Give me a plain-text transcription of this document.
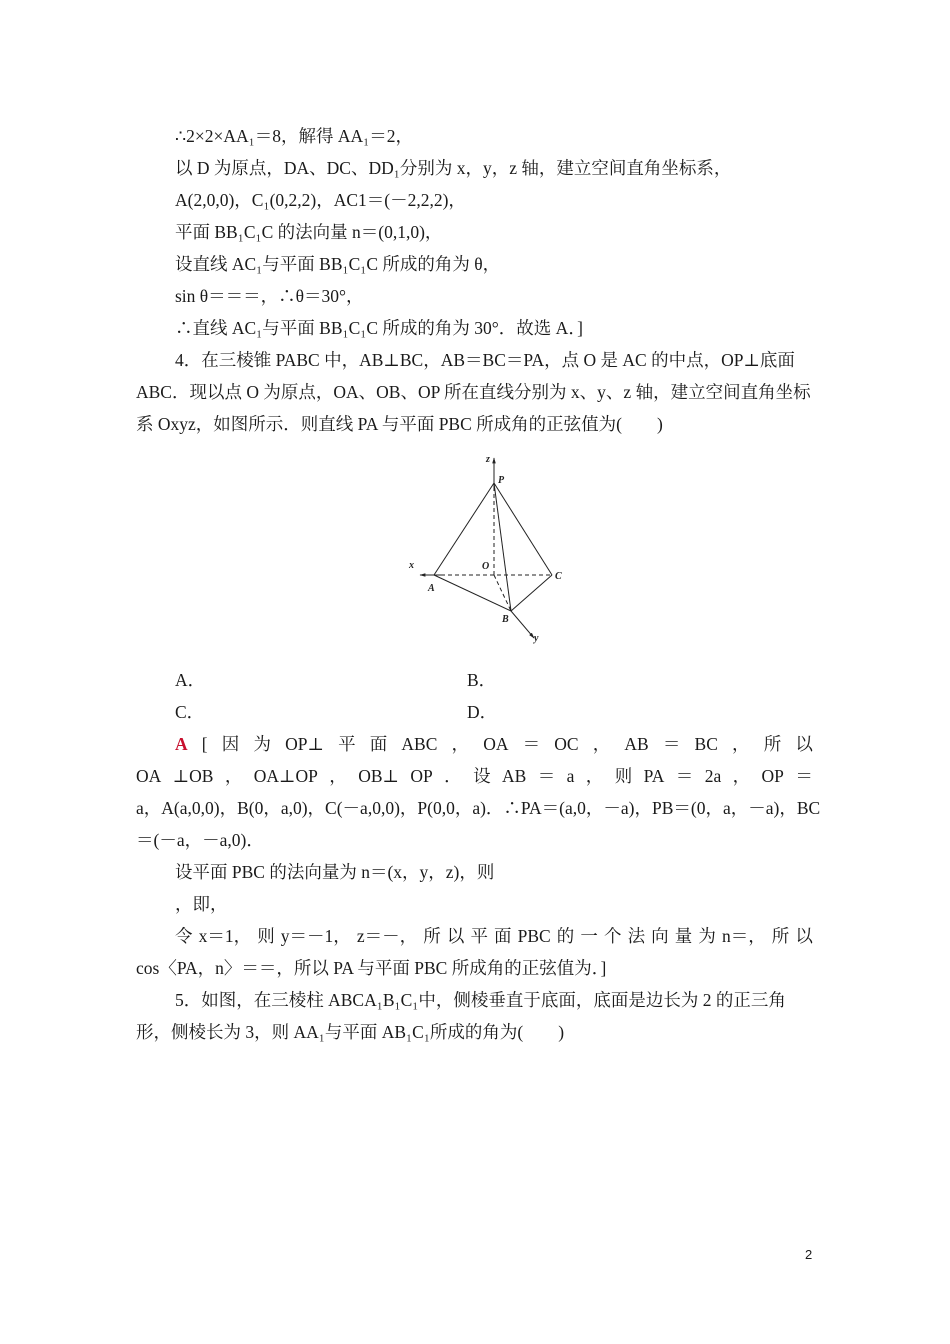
∴2×2×AA₁＝8，解得 AA₁＝2，
以 D 为原点，DA、DC、DD₁分别为 x，y，z 轴，建立空间直角坐标系，
A(2,0,0)，C₁(0,2,2)，AC1＝(－2,2,2)，
平面 BB₁C₁C 的法向量 n＝(0,1,0)，
设直线 AC₁与平面 BB₁C₁C 所成的角为 θ，
sin θ＝＝＝，∴θ＝30°，
∴直线 AC₁与平面 BB₁C₁C 所成的角为 30°．故选 A．]
4．在三棱锥 PABC 中，AB⊥BC，AB＝BC＝PA，点 O 是 AC 的中点，OP⊥底面
ABC．现以点 O 为原点，OA、OB、OP 所在直线分别为 x、y、z 轴，建立空间直角坐标
系 Oxyz，如图所示．则直线 PA 与平面 PBC 所成角的正弦值为(　　)
z
P
O
x
A
C
B
y
A．	B．
C．	D．
A [ 因 为 OP⊥ 平 面 ABC ， OA ＝ OC ， AB ＝ BC ， 所 以
OA ⊥OB ， OA⊥OP ， OB⊥ OP ． 设 AB ＝ a ， 则 PA ＝ 2a ， OP ＝
a，A(a,0,0)，B(0，a,0)，C(－a,0,0)，P(0,0，a)．∴PA＝(a,0，－a)，PB＝(0，a，－a)，BC
＝(－a，－a,0)．
设平面 PBC 的法向量为 n＝(x，y，z)，则
，即，
令 x＝1， 则 y＝－1， z＝－， 所 以 平 面 PBC 的 一 个 法 向 量 为 n＝， 所 以
cos〈PA，n〉＝＝，所以 PA 与平面 PBC 所成角的正弦值为．]
5．如图，在三棱柱 ABCA₁B₁C₁中，侧棱垂直于底面，底面是边长为 2 的正三角
形，侧棱长为 3，则 AA₁与平面 AB₁C₁所成的角为(　　)
2
